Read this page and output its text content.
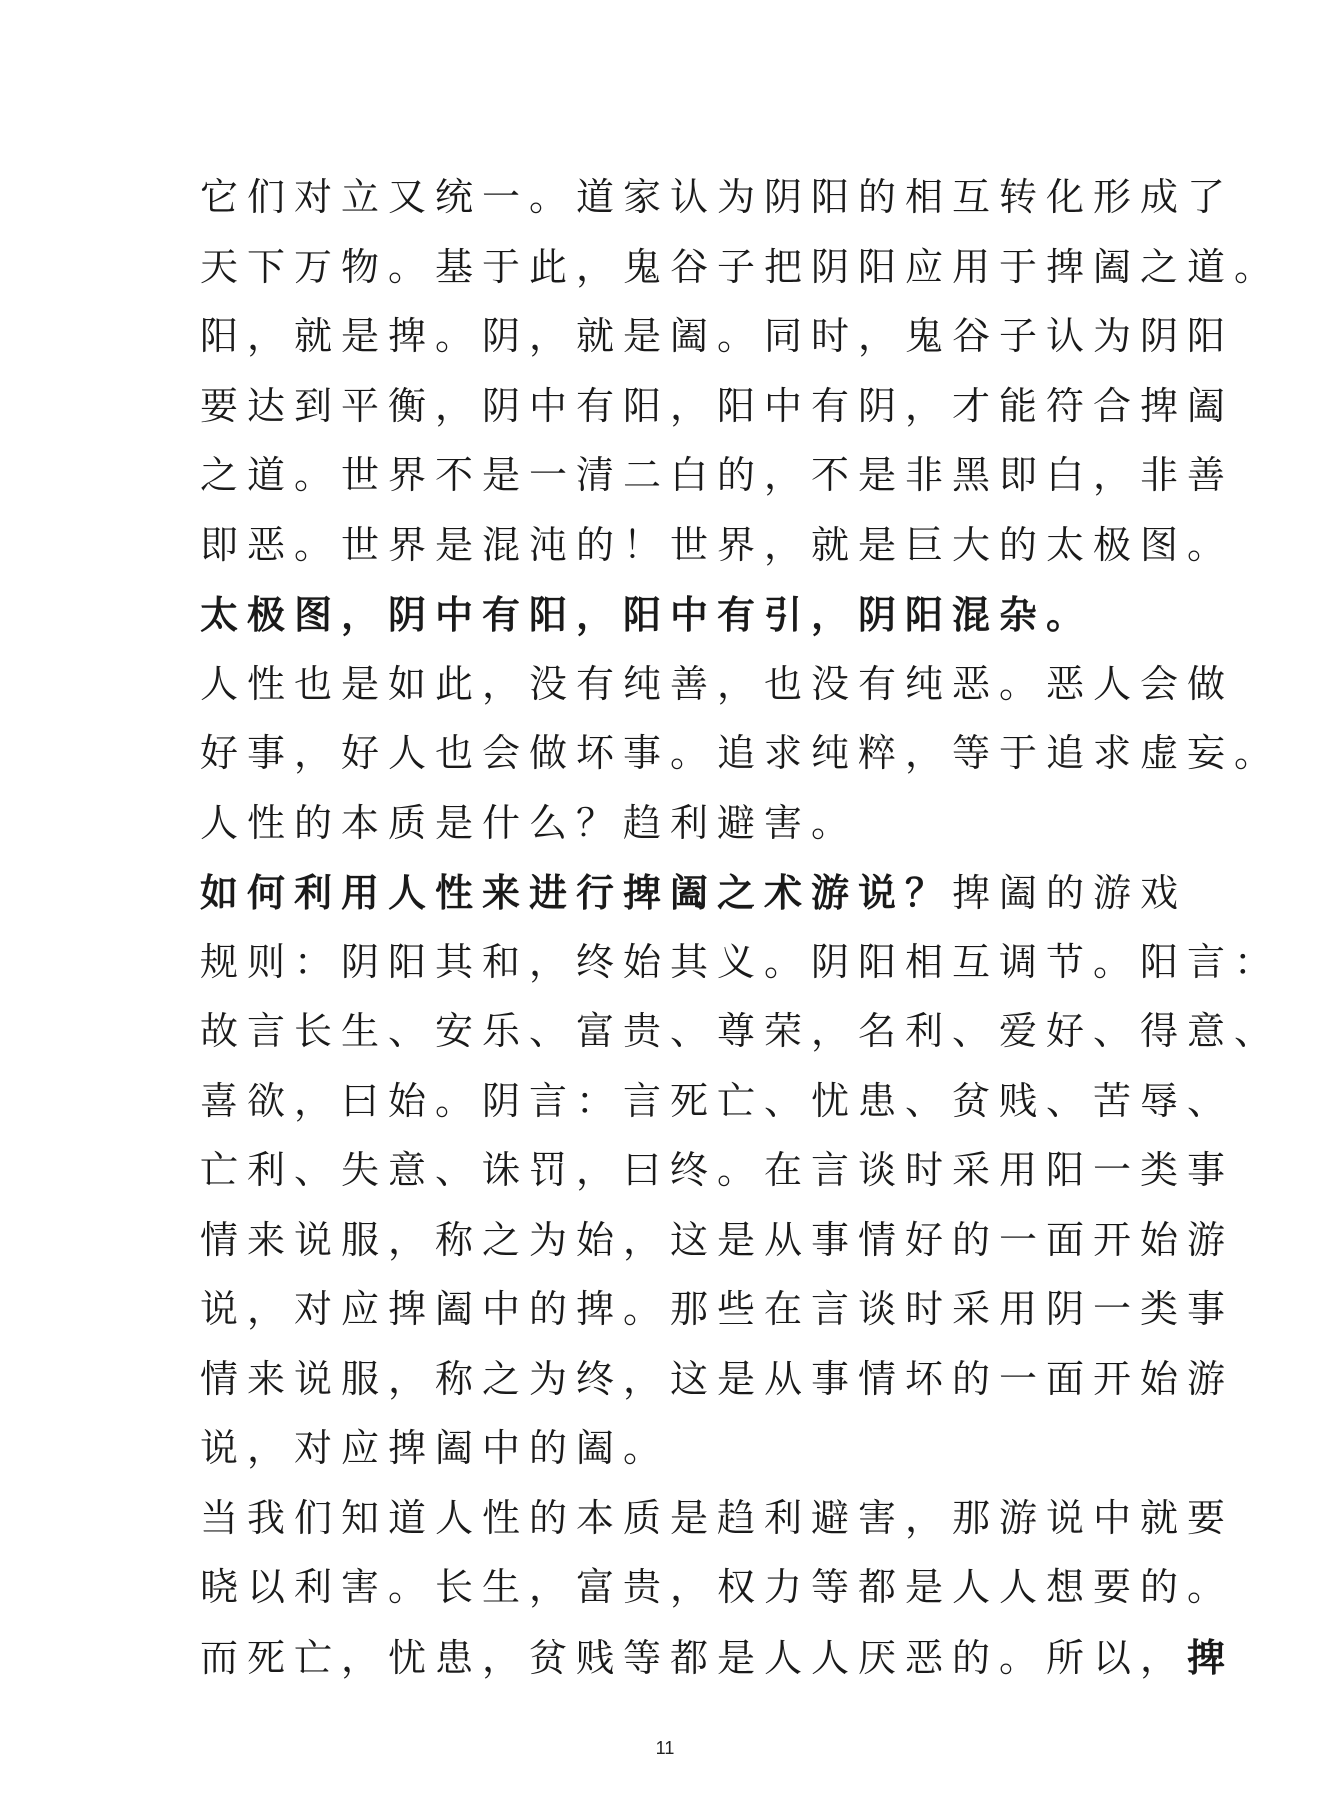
它们对立又统一。道家认为阴阳的相互转化形成了
天下万物。基于此，鬼谷子把阴阳应用于捭阖之道。
阳，就是捭。阴，就是阖。同时，鬼谷子认为阴阳
要达到平衡，阴中有阳，阳中有阴，才能符合捭阖
之道。世界不是一清二白的，不是非黑即白，非善
即恶。世界是混沌的！世界，就是巨大的太极图。
太极图，阴中有阳，阳中有引，阴阳混杂。
人性也是如此，没有纯善，也没有纯恶。恶人会做
好事，好人也会做坏事。追求纯粹，等于追求虚妄。
人性的本质是什么？趋利避害。
如何利用人性来进行捭阖之术游说？捭阖的游戏
规则：阴阳其和，终始其义。阴阳相互调节。阳言：
故言长生、安乐、富贵、尊荣，名利、爱好、得意、
喜欲，曰始。阴言：言死亡、忧患、贫贱、苦辱、
亡利、失意、诛罚，曰终。在言谈时采用阳一类事
情来说服，称之为始，这是从事情好的一面开始游
说，对应捭阖中的捭。那些在言谈时采用阴一类事
情来说服，称之为终，这是从事情坏的一面开始游
说，对应捭阖中的阖。
当我们知道人性的本质是趋利避害，那游说中就要
晓以利害。长生，富贵，权力等都是人人想要的。
而死亡，忧患，贫贱等都是人人厌恶的。所以，捭
11
